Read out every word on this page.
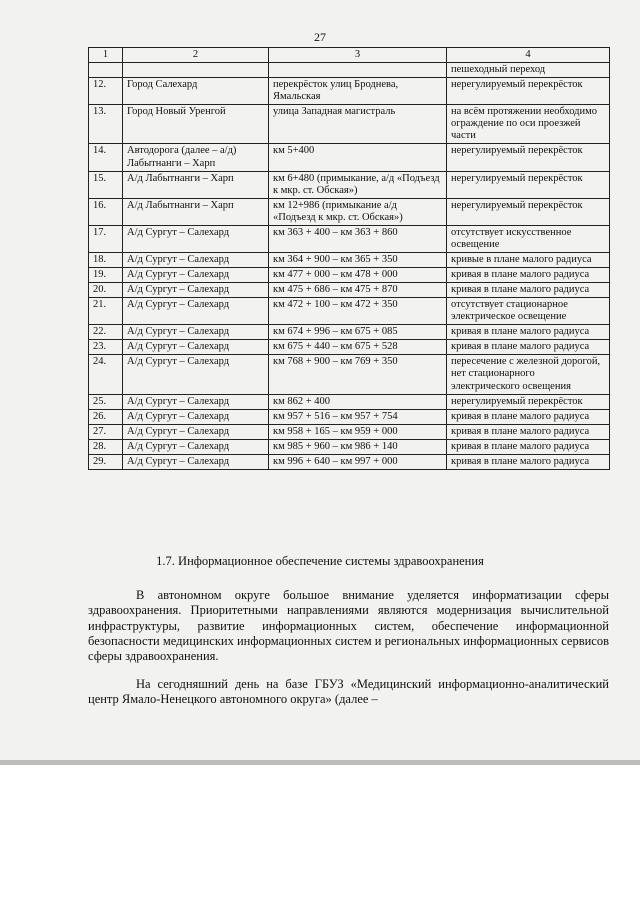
27
1	2	3	4
			пешеходный переход
12.	Город Салехард	перекрёсток улиц Броднева, Ямальская	нерегулируемый перекрёсток
13.	Город Новый Уренгой	улица Западная магистраль	на всём протяжении необходимо ограждение по оси проезжей части
14.	Автодорога (далее – а/д) Лабытнанги – Харп	км 5+400	нерегулируемый перекрёсток
15.	А/д Лабытнанги – Харп	км 6+480 (примыкание, а/д «Подъезд к мкр. ст. Обская»)	нерегулируемый перекрёсток
16.	А/д Лабытнанги – Харп	км 12+986 (примыкание а/д «Подъезд к мкр. ст. Обская»)	нерегулируемый перекрёсток
17.	А/д Сургут – Салехард	км 363 + 400 – км 363 + 860	отсутствует искусственное освещение
18.	А/д Сургут – Салехард	км 364 + 900 – км 365 + 350	кривые в плане малого радиуса
19.	А/д Сургут – Салехард	км 477 + 000 – км 478 + 000	кривая в плане малого радиуса
20.	А/д Сургут – Салехард	км 475 + 686 – км 475 + 870	кривая в плане малого радиуса
21.	А/д Сургут – Салехард	км 472 + 100 – км 472 + 350	отсутствует стационарное электрическое освещение
22.	А/д Сургут – Салехард	км 674 + 996 – км 675 + 085	кривая в плане малого радиуса
23.	А/д Сургут – Салехард	км 675 + 440 – км 675 + 528	кривая в плане малого радиуса
24.	А/д Сургут – Салехард	км 768 + 900 – км 769 + 350	пересечение с железной дорогой, нет стационарного электрического освещения
25.	А/д Сургут – Салехард	км 862 + 400	нерегулируемый перекрёсток
26.	А/д Сургут – Салехард	км 957 + 516 – км 957 + 754	кривая в плане малого радиуса
27.	А/д Сургут – Салехард	км 958 + 165 – км 959 + 000	кривая в плане малого радиуса
28.	А/д Сургут – Салехард	км 985 + 960 – км 986 + 140	кривая в плане малого радиуса
29.	А/д Сургут – Салехард	км 996 + 640 – км 997 + 000	кривая в плане малого радиуса
1.7. Информационное обеспечение системы здравоохранения

В автономном округе большое внимание уделяется информатизации сферы здравоохранения. Приоритетными направлениями являются модернизация вычислительной инфраструктуры, развитие информационных систем, обеспечение информационной безопасности медицинских информационных систем и региональных информационных сервисов сферы здравоохранения.

На сегодняшний день на базе ГБУЗ «Медицинский информационно-аналитический центр Ямало-Ненецкого автономного округа» (далее –
